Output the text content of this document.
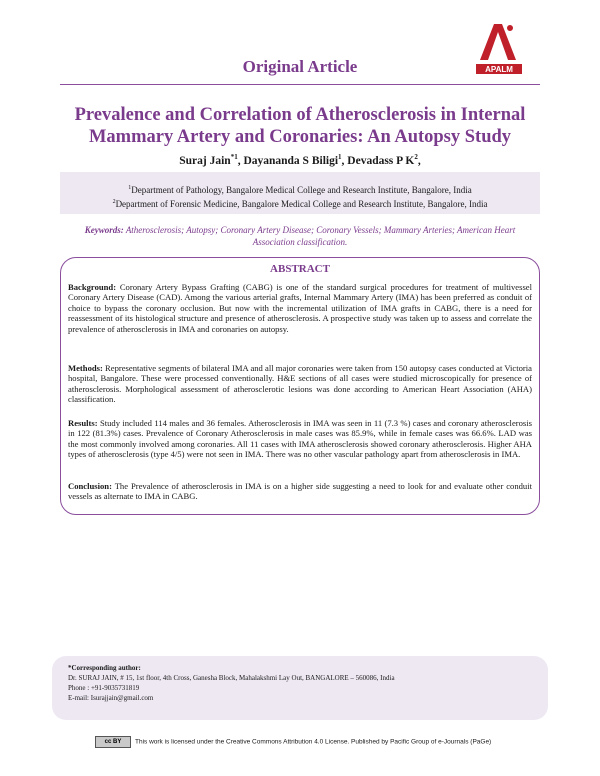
Original Article	APALM
Prevalence and Correlation of Atherosclerosis in Internal Mammary Artery and Coronaries: An Autopsy Study
Suraj Jain$^{*1}$, Dayananda S Biligi$^1$, Devadass P $K^2$,
$^1$Department of Pathology, Bangalore Medical College and Research Institute, Bangalore, India
$^2$Department of Forensic Medicine, Bangalore Medical College and Research Institute, Bangalore, India
Keywords: Atherosclerosis; Autopsy; Coronary Artery Disease; Coronary Vessels; Mammary Arteries; American Heart Association classification.
ABSTRACT
Background: Coronary Artery Bypass Grafting (CABG) is one of the standard surgical procedures for treatment of multivessel Coronary Artery Disease (CAD). Among the various arterial grafts, Internal Mammary Artery (IMA) has been preferred as conduit of choice to bypass the coronary occlusion. But now with the incremental utilization of IMA grafts in CABG, there is a need for reassessment of its histological structure and presence of atherosclerosis. A prospective study was taken up to assess and correlate the prevalence of atherosclerosis in IMA and coronaries on autopsy.
Methods: Representative segments of bilateral IMA and all major coronaries were taken from 150 autopsy cases conducted at Victoria hospital, Bangalore. These were processed conventionally. H&E sections of all cases were studied microscopically for presence of atherosclerosis. Morphological assessment of atherosclerotic lesions was done according to American Heart Association (AHA) classification.
Results: Study included 114 males and 36 females. Atherosclerosis in IMA was seen in 11 (7.3 %) cases and coronary atherosclerosis in 122 (81.3%) cases. Prevalence of Coronary Atherosclerosis in male cases was 85.9%, while in female cases was 66.6%. LAD was the most commonly involved among coronaries. All 11 cases with IMA atherosclerosis showed coronary atherosclerosis. Higher AHA types of atherosclerosis (type 4/5) were not seen in IMA. There was no other vascular pathology apart from atherosclerosis in IMA.
Conclusion: The Prevalence of atherosclerosis in IMA is on a higher side suggesting a need to look for and evaluate other conduit vessels as alternate to IMA in CABG.
*Corresponding author:
Dr. SURAJ JAIN, # 15, 1st floor, 4th Cross, Ganesha Block, Mahalakshmi Lay Out, BANGALORE – 560086, India
Phone : +91-9035731819
E-mail: Isurajjain@gmail.com
cc BY This work is licensed under the Creative Commons Attribution 4.0 License. Published by Pacific Group of e-Journals (PaGe)
